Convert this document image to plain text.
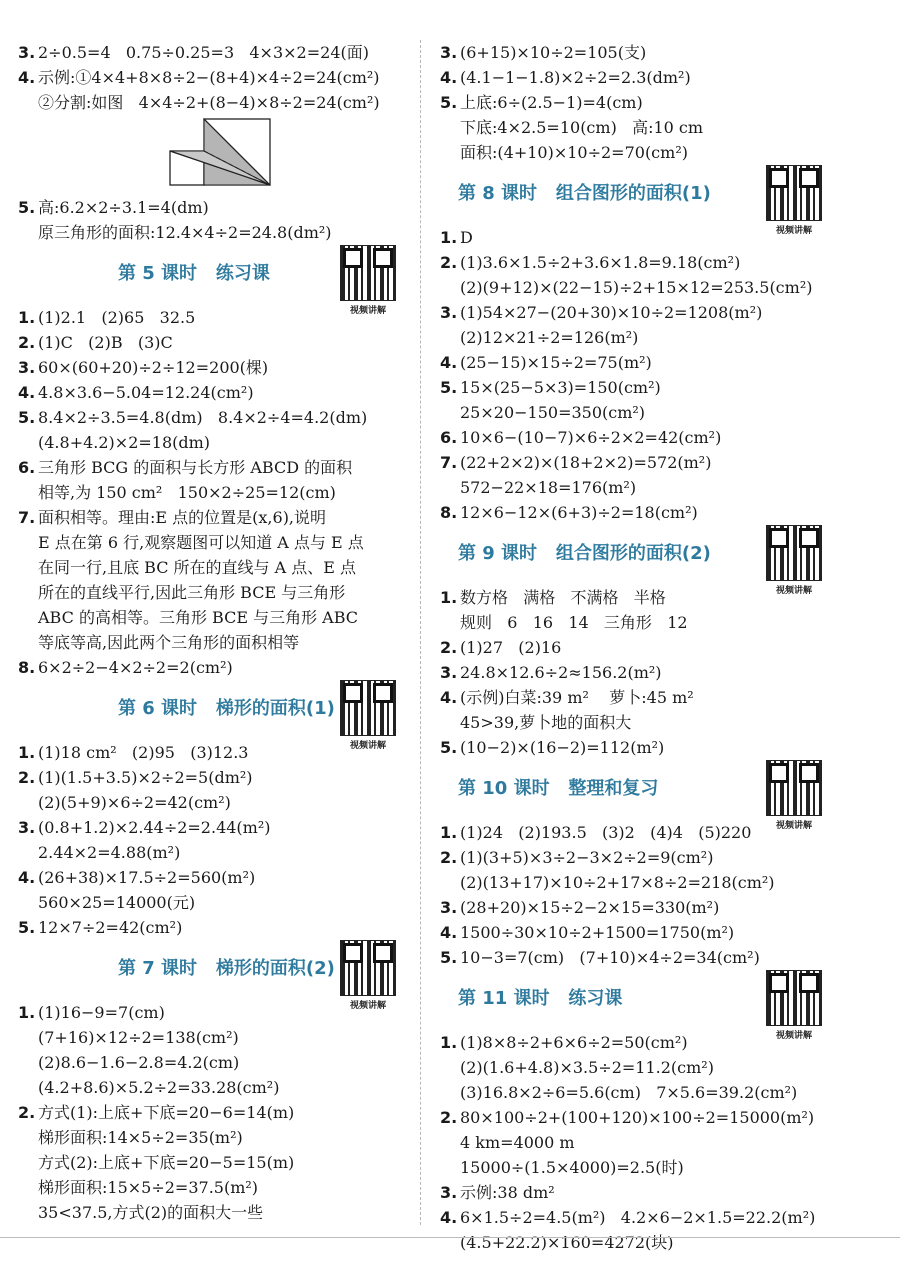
3. 2÷0.5=4   0.75÷0.25=3   4×3×2=24(面)
4. 示例:①4×4+8×8÷2−(8+4)×4÷2=24(cm²)
②分割:如图   4×4÷2+(8−4)×8÷2=24(cm²)
5. 高:6.2×2÷3.1=4(dm)
原三角形的面积:12.4×4÷2=24.8(dm²)
第 5 课时   练习课
视频讲解
1. (1)2.1   (2)65   32.5
2. (1)C   (2)B   (3)C
3. 60×(60+20)÷2÷12=200(棵)
4. 4.8×3.6−5.04=12.24(cm²)
5. 8.4×2÷3.5=4.8(dm)   8.4×2÷4=4.2(dm)
(4.8+4.2)×2=18(dm)
6. 三角形 BCG 的面积与长方形 ABCD 的面积
相等,为 150 cm²   150×2÷25=12(cm)
7. 面积相等。理由:E 点的位置是(x,6),说明
E 点在第 6 行,观察题图可以知道 A 点与 E 点
在同一行,且底 BC 所在的直线与 A 点、E 点
所在的直线平行,因此三角形 BCE 与三角形
ABC 的高相等。三角形 BCE 与三角形 ABC
等底等高,因此两个三角形的面积相等
8. 6×2÷2−4×2÷2=2(cm²)
第 6 课时   梯形的面积(1)
视频讲解
1. (1)18 cm²   (2)95   (3)12.3
2. (1)(1.5+3.5)×2÷2=5(dm²)
(2)(5+9)×6÷2=42(cm²)
3. (0.8+1.2)×2.44÷2=2.44(m²)
2.44×2=4.88(m²)
4. (26+38)×17.5÷2=560(m²)
560×25=14000(元)
5. 12×7÷2=42(cm²)
第 7 课时   梯形的面积(2)
视频讲解
1. (1)16−9=7(cm)
(7+16)×12÷2=138(cm²)
(2)8.6−1.6−2.8=4.2(cm)
(4.2+8.6)×5.2÷2=33.28(cm²)
2. 方式(1):上底+下底=20−6=14(m)
梯形面积:14×5÷2=35(m²)
方式(2):上底+下底=20−5=15(m)
梯形面积:15×5÷2=37.5(m²)
35<37.5,方式(2)的面积大一些
3. (6+15)×10÷2=105(支)
4. (4.1−1−1.8)×2÷2=2.3(dm²)
5. 上底:6÷(2.5−1)=4(cm)
下底:4×2.5=10(cm)   高:10 cm
面积:(4+10)×10÷2=70(cm²)
第 8 课时   组合图形的面积(1)
视频讲解
1. D
2. (1)3.6×1.5÷2+3.6×1.8=9.18(cm²)
(2)(9+12)×(22−15)÷2+15×12=253.5(cm²)
3. (1)54×27−(20+30)×10÷2=1208(m²)
(2)12×21÷2=126(m²)
4. (25−15)×15÷2=75(m²)
5. 15×(25−5×3)=150(cm²)
25×20−150=350(cm²)
6. 10×6−(10−7)×6÷2×2=42(cm²)
7. (22+2×2)×(18+2×2)=572(m²)
572−22×18=176(m²)
8. 12×6−12×(6+3)÷2=18(cm²)
第 9 课时   组合图形的面积(2)
视频讲解
1. 数方格   满格   不满格   半格
规则   6   16   14   三角形   12
2. (1)27   (2)16
3. 24.8×12.6÷2≈156.2(m²)
4. (示例)白菜:39 m²    萝卜:45 m²
45>39,萝卜地的面积大
5. (10−2)×(16−2)=112(m²)
第 10 课时   整理和复习
视频讲解
1. (1)24   (2)193.5   (3)2   (4)4   (5)220
2. (1)(3+5)×3÷2−3×2÷2=9(cm²)
(2)(13+17)×10÷2+17×8÷2=218(cm²)
3. (28+20)×15÷2−2×15=330(m²)
4. 1500÷30×10÷2+1500=1750(m²)
5. 10−3=7(cm)   (7+10)×4÷2=34(cm²)
第 11 课时   练习课
视频讲解
1. (1)8×8÷2+6×6÷2=50(cm²)
(2)(1.6+4.8)×3.5÷2=11.2(cm²)
(3)16.8×2÷6=5.6(cm)   7×5.6=39.2(cm²)
2. 80×100÷2+(100+120)×100÷2=15000(m²)
4 km=4000 m
15000÷(1.5×4000)=2.5(时)
3. 示例:38 dm²
4. 6×1.5÷2=4.5(m²)   4.2×6−2×1.5=22.2(m²)
(4.5+22.2)×160=4272(块)
